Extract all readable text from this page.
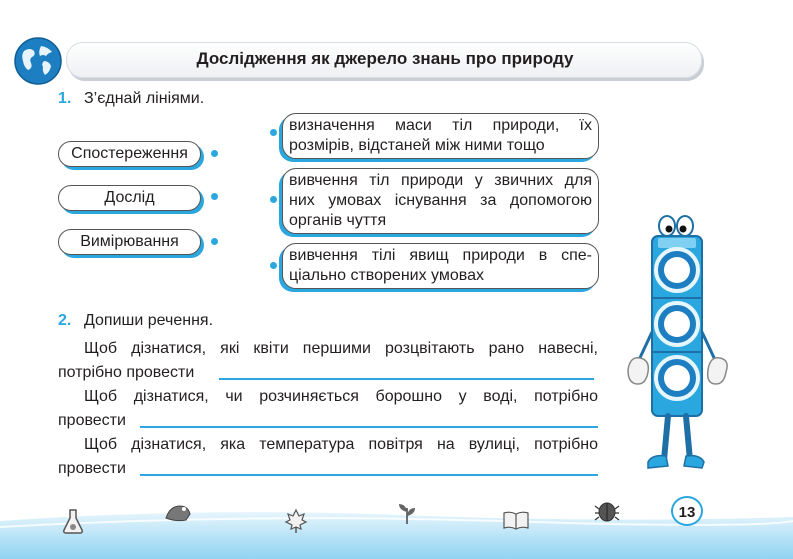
Дослідження як джерело знань про природу
1. З’єднай лініями.
Спостереження
Дослід
Вимірювання
визначення маси тіл природи, їх
розмірів, відстаней між ними тощо
вивчення тіл природи у звичних для
них умовах існування за допомогою
органів чуття
вивчення тілі явищ природи в спе-
ціально створених умовах
2. Допиши речення.
Щоб дізнатися, які квіти першими розцвітають рано навесні,
потрібно провести
Щоб дізнатися, чи розчиняється борошно у воді, потрібно
провести
Щоб дізнатися, яка температура повітря на вулиці, потрібно
провести
13
